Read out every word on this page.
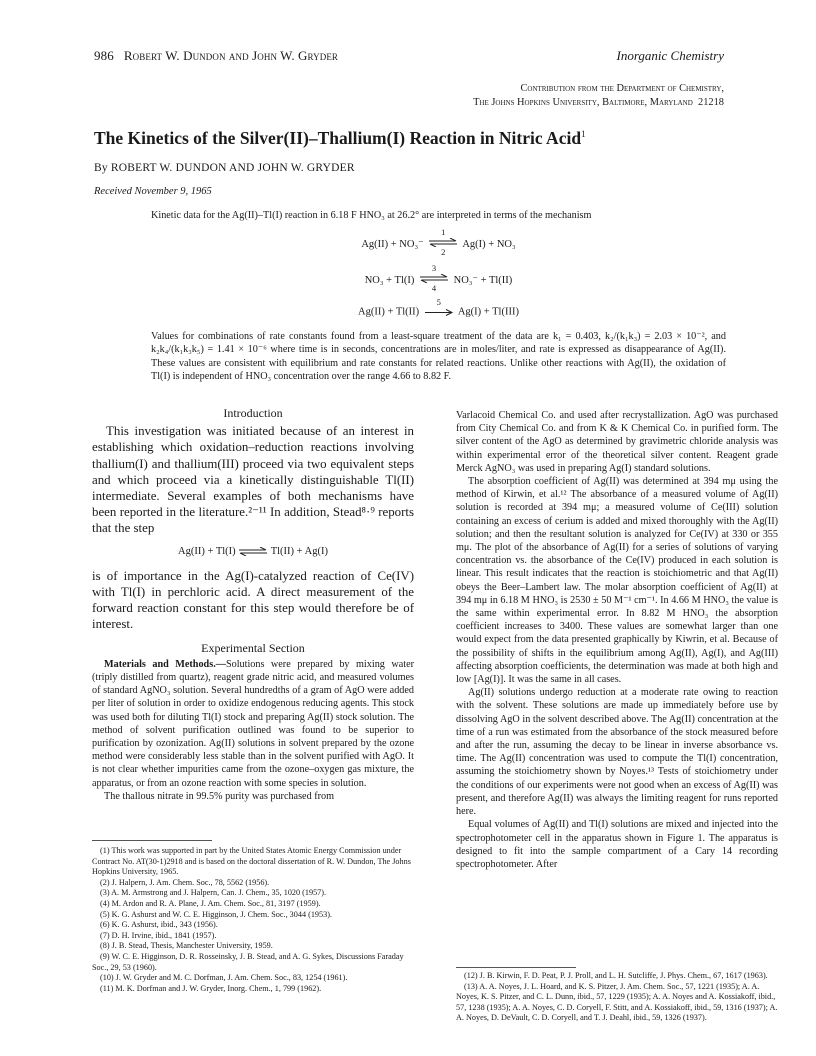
986 Robert W. Dundon and John W. Gryder	Inorganic Chemistry
Contribution from the Department of Chemistry,
The Johns Hopkins University, Baltimore, Maryland 21218
The Kinetics of the Silver(II)–Thallium(I) Reaction in Nitric Acid$^1$
By ROBERT W. DUNDON AND JOHN W. GRYDER
Received November 9, 1965
Kinetic data for the Ag(II)–Tl(I) reaction in 6.18 F HNO₃ at 26.2° are interpreted in terms of the mechanism
Ag(II) + NO₃⁻
1
2
Ag(I) + NO₃
NO₃ + Tl(I)
3
4
NO₃⁻ + Tl(II)
Ag(II) + Tl(II)
5
Ag(I) + Tl(III)
Values for combinations of rate constants found from a least-square treatment of the data are k₁ = 0.403, k₂/(k₁k₃) = 2.03 × 10⁻², and k₂k₄/(k₁k₃k₅) = 1.41 × 10⁻⁶ where time is in seconds, concentrations are in moles/liter, and rate is expressed as disappearance of Ag(II). These values are consistent with equilibrium and rate constants for related reactions. Unlike other reactions with Ag(II), the oxidation of Tl(I) is independent of HNO₃ concentration over the range 4.66 to 8.82 F.
Introduction

This investigation was initiated because of an interest in establishing which oxidation–reduction reactions involving thallium(I) and thallium(III) proceed via two equivalent steps and which proceed via a kinetically distinguishable Tl(II) intermediate. Several examples of both mechanisms have been reported in the literature.²⁻¹¹ In addition, Stead⁸·⁹ reports that the step

Ag(II) + Tl(I) ⇌ Tl(II) + Ag(I)

is of importance in the Ag(I)-catalyzed reaction of Ce(IV) with Tl(I) in perchloric acid. A direct measurement of the forward reaction constant for this step would therefore be of interest.

Experimental Section

Materials and Methods.—Solutions were prepared by mixing water (triply distilled from quartz), reagent grade nitric acid, and measured volumes of standard AgNO₃ solution. Several hundredths of a gram of AgO were added per liter of solution in order to oxidize endogenous reducing agents. This stock was used both for diluting Tl(I) stock and preparing Ag(II) stock solution. The method of solvent purification outlined was found to be superior to purification by ozonization. Ag(II) solutions in solvent prepared by the ozone method were considerably less stable than in the solvent purified with AgO. It is not clear whether impurities came from the ozone–oxygen gas mixture, the apparatus, or from an ozone reaction with some species in solution.

The thallous nitrate in 99.5% purity was purchased from

(1) This work was supported in part by the United States Atomic Energy Commission under Contract No. AT(30-1)2918 and is based on the doctoral dissertation of R. W. Dundon, The Johns Hopkins University, 1965.

(2) J. Halpern, J. Am. Chem. Soc., 78, 5562 (1956).

(3) A. M. Armstrong and J. Halpern, Can. J. Chem., 35, 1020 (1957).

(4) M. Ardon and R. A. Plane, J. Am. Chem. Soc., 81, 3197 (1959).

(5) K. G. Ashurst and W. C. E. Higginson, J. Chem. Soc., 3044 (1953).

(6) K. G. Ashurst, ibid., 343 (1956).

(7) D. H. Irvine, ibid., 1841 (1957).

(8) J. B. Stead, Thesis, Manchester University, 1959.

(9) W. C. E. Higginson, D. R. Rosseinsky, J. B. Stead, and A. G. Sykes, Discussions Faraday Soc., 29, 53 (1960).

(10) J. W. Gryder and M. C. Dorfman, J. Am. Chem. Soc., 83, 1254 (1961).

(11) M. K. Dorfman and J. W. Gryder, Inorg. Chem., 1, 799 (1962).

Varlacoid Chemical Co. and used after recrystallization. AgO was purchased from City Chemical Co. and from K & K Chemical Co. in purified form. The silver content of the AgO as determined by gravimetric chloride analysis was within experimental error of the theoretical silver content. Reagent grade Merck AgNO₃ was used in preparing Ag(I) standard solutions.

The absorption coefficient of Ag(II) was determined at 394 mμ using the method of Kirwin, et al.¹² The absorbance of a measured volume of Ag(II) solution is recorded at 394 mμ; a measured volume of Ce(III) solution containing an excess of cerium is added and mixed thoroughly with the Ag(II) solution; and then the resultant solution is analyzed for Ce(IV) at 330 or 355 mμ. The plot of the absorbance of Ag(II) for a series of solutions of varying concentration vs. the absorbance of the Ce(IV) produced in each solution is linear. This result indicates that the reaction is stoichiometric and that Ag(II) obeys the Beer–Lambert law. The molar absorption coefficient of Ag(II) at 394 mμ in 6.18 M HNO₃ is 2530 ± 50 M⁻¹ cm⁻¹. In 4.66 M HNO₃ the value is the same within experimental error. In 8.82 M HNO₃ the absorption coefficient increases to 3400. These values are somewhat larger than one would expect from the data presented graphically by Kiwrin, et al. Because of the possibility of shifts in the equilibrium among Ag(II), Ag(I), and Ag(III) affecting absorption coefficients, the determination was made at both high and low [Ag(I)]. It was the same in all cases.

Ag(II) solutions undergo reduction at a moderate rate owing to reaction with the solvent. These solutions are made up immediately before use by dissolving AgO in the solvent described above. The Ag(II) concentration at the time of a run was estimated from the absorbance of the stock measured before and after the run, assuming the decay to be linear in inverse absorbance vs. time. The Ag(II) concentration was used to compute the Tl(I) concentration, assuming the stoichiometry shown by Noyes.¹³ Tests of stoichiometry under the conditions of our experiments were not good when an excess of Ag(II) was present, and therefore Ag(II) was always the limiting reagent for runs reported here.

Equal volumes of Ag(II) and Tl(I) solutions are mixed and injected into the spectrophotometer cell in the apparatus shown in Figure 1. The apparatus is designed to fit into the sample compartment of a Cary 14 recording spectrophotometer. After

(12) J. B. Kirwin, F. D. Peat, P. J. Proll, and L. H. Sutcliffe, J. Phys. Chem., 67, 1617 (1963).

(13) A. A. Noyes, J. L. Hoard, and K. S. Pitzer, J. Am. Chem. Soc., 57, 1221 (1935); A. A. Noyes, K. S. Pitzer, and C. L. Dunn, ibid., 57, 1229 (1935); A. A. Noyes and A. Kossiakoff, ibid., 57, 1238 (1935); A. A. Noyes, C. D. Coryell, F. Stitt, and A. Kossiakoff, ibid., 59, 1316 (1937); A. A. Noyes, D. DeVault, C. D. Coryell, and T. J. Deahl, ibid., 59, 1326 (1937).
